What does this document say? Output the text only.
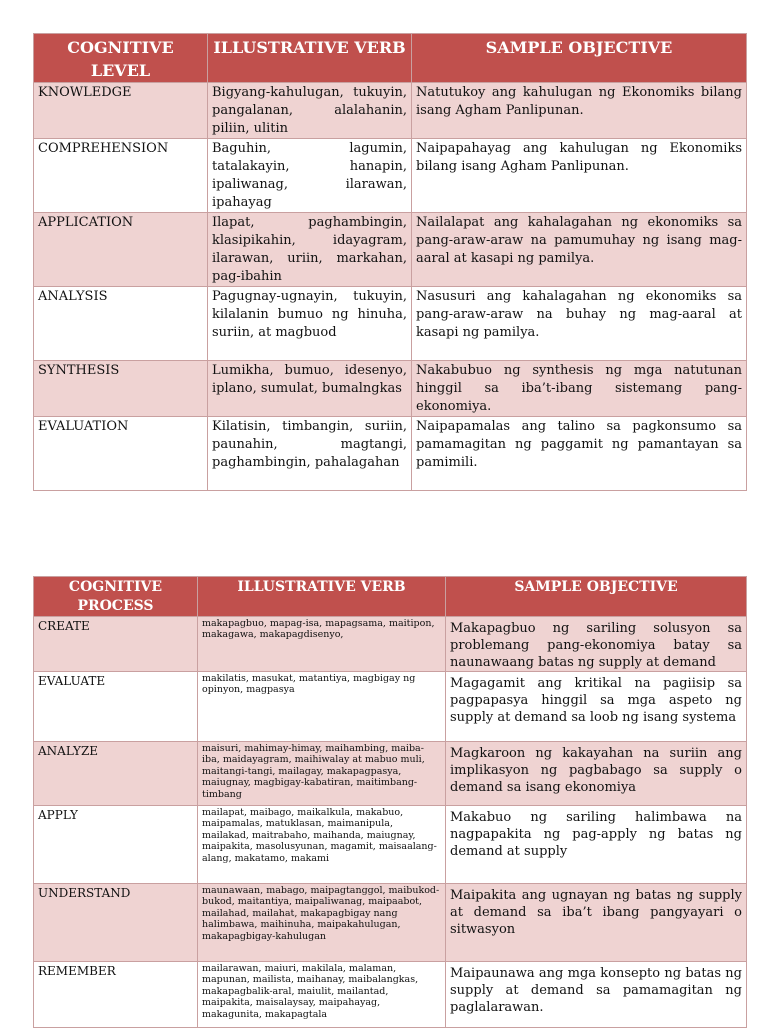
COGNITIVE LEVEL	ILLUSTRATIVE VERB	SAMPLE OBJECTIVE
KNOWLEDGE	Bigyang-kahulugan, tukuyin, pangalanan, alalahanin, piliin, ulitin	Natutukoy ang kahulugan ng Ekonomiks bilang isang Agham Panlipunan.
COMPREHENSION	Baguhin, lagumin, tatalakayin, hanapin, ipaliwanag, ilarawan, ipahayag	Naipapahayag ang kahulugan ng Ekonomiks bilang isang Agham Panlipunan.
APPLICATION	Ilapat, paghambingin, klasipikahin, idayagram, ilarawan, uriin, markahan, pag-ibahin	Nailalapat ang kahalagahan ng ekonomiks sa pang-araw-araw na pamumuhay ng isang mag-aaral at kasapi ng pamilya.
ANALYSIS	Pagugnay-ugnayin, tukuyin, kilalanin bumuo ng hinuha, suriin, at magbuod	Nasusuri ang kahalagahan ng ekonomiks sa pang-araw-araw na buhay ng mag-aaral at kasapi ng pamilya.
SYNTHESIS	Lumikha, bumuo, idesenyo, iplano, sumulat, bumalngkas	Nakabubuo ng synthesis ng mga natutunan hinggil sa iba’t-ibang sistemang pang-ekonomiya.
EVALUATION	Kilatisin, timbangin, suriin, paunahin, magtangi, paghambingin, pahalagahan	Naipapamalas ang talino sa pagkonsumo sa pamamagitan ng paggamit ng pamantayan sa pamimili.
COGNITIVE PROCESS	ILLUSTRATIVE VERB	SAMPLE OBJECTIVE
CREATE	makapagbuo, mapag-isa, mapagsama, maitipon, makagawa, makapagdisenyo,	Makapagbuo ng sariling solusyon sa problemang pang-ekonomiya batay sa naunawaang batas ng supply at demand
EVALUATE	makilatis, masukat, matantiya, magbigay ng opinyon, magpasya	Magagamit ang kritikal na pagiisip sa pagpapasya hinggil sa mga aspeto ng supply at demand sa loob ng isang systema
ANALYZE	maisuri, mahimay-himay, maihambing, maiba-iba, maidayagram, maihiwalay at mabuo muli, maitangi-tangi, mailagay, makapagpasya, maiugnay, magbigay-kabatiran, maitimbang-timbang	Magkaroon ng kakayahan na suriin ang implikasyon ng pagbabago sa supply o demand sa isang ekonomiya
APPLY	mailapat, maibago, maikalkula, makabuo, maipamalas, matuklasan, maimanipula, mailakad, maitrabaho, maihanda, maiugnay, maipakita, masolusyunan, magamit, maisaalang-alang, makatamo, makami	Makabuo ng sariling halimbawa na nagpapakita ng pag-apply ng batas ng demand at supply
UNDERSTAND	maunawaan, mabago, maipagtanggol, maibukod-bukod, maitantiya, maipaliwanag, maipaabot, mailahad, mailahat, makapagbigay nang halimbawa, maihinuha, maipakahulugan, makapagbigay-kahulugan	Maipakita ang ugnayan ng batas ng supply at demand sa iba’t ibang pangyayari o sitwasyon
REMEMBER	mailarawan, maiuri, makilala, malaman, mapunan, mailista, maihanay, maibalangkas, makapagbalik-aral, maiulit, mailantad, maipakita, maisalaysay, maipahayag, makagunita, makapagtala	Maipaunawa ang mga konsepto ng batas ng supply at demand sa pamamagitan ng paglalarawan.
